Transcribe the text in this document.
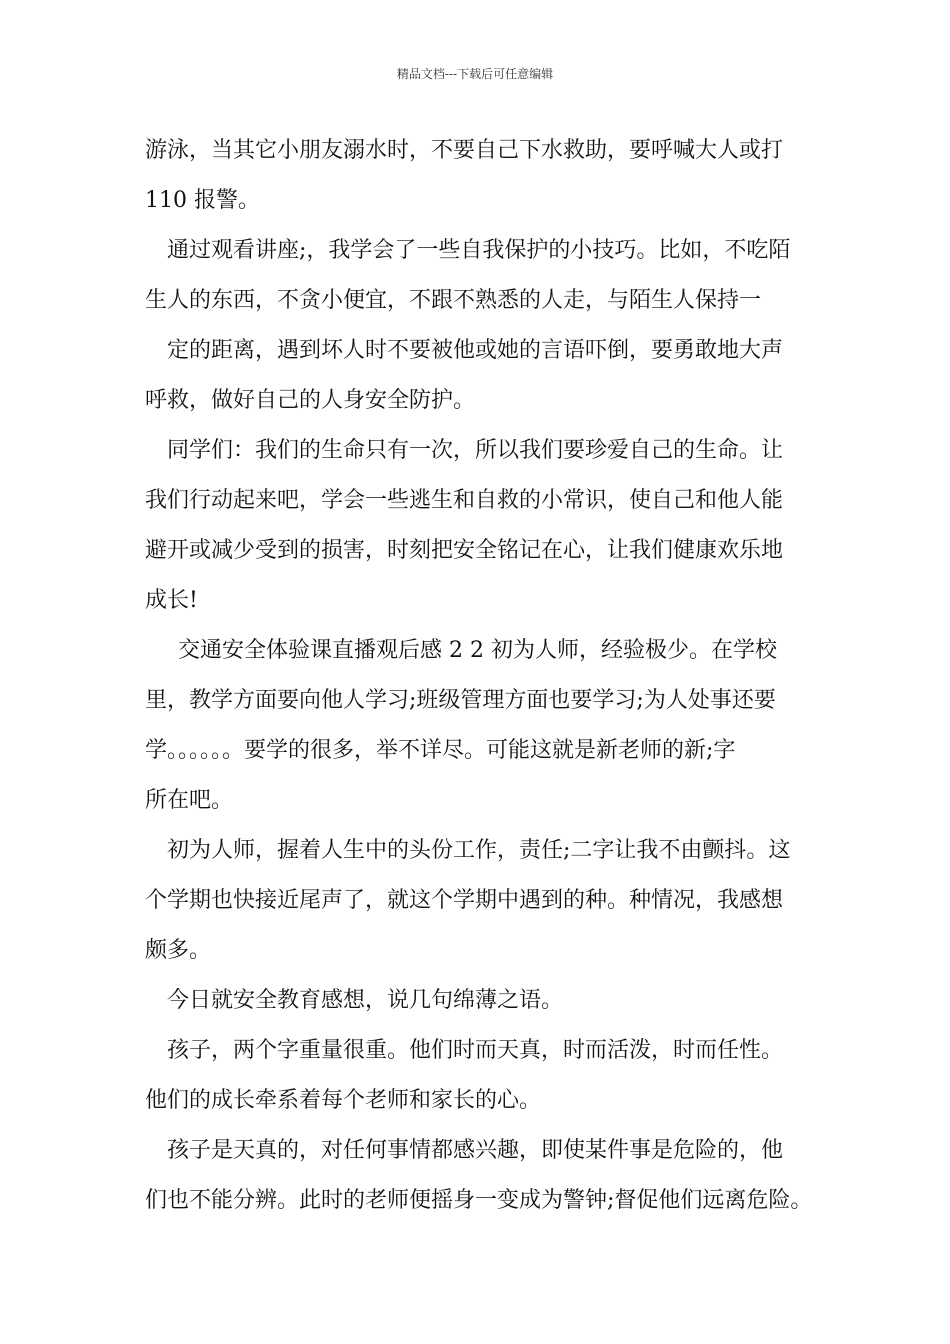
精品文档---下载后可任意编辑
游泳，当其它小朋友溺水时，不要自己下水救助，要呼喊大人或打
110 报警。
通过观看讲座;，我学会了一些自我保护的小技巧。比如，不吃陌
生人的东西，不贪小便宜，不跟不熟悉的人走，与陌生人保持一
定的距离，遇到坏人时不要被他或她的言语吓倒，要勇敢地大声
呼救，做好自己的人身安全防护。
同学们：我们的生命只有一次，所以我们要珍爱自己的生命。让
我们行动起来吧，学会一些逃生和自救的小常识，使自己和他人能
避开或减少受到的损害，时刻把安全铭记在心，让我们健康欢乐地
成长!
交通安全体验课直播观后感 2 2 初为人师，经验极少。在学校
里，教学方面要向他人学习;班级管理方面也要学习;为人处事还要
学。。。。。。要学的很多，举不详尽。可能这就是新老师的新;字
所在吧。
初为人师，握着人生中的头份工作，责任;二字让我不由颤抖。这
个学期也快接近尾声了，就这个学期中遇到的种。种情况，我感想
颇多。
今日就安全教育感想，说几句绵薄之语。
孩子，两个字重量很重。他们时而天真，时而活泼，时而任性。
他们的成长牵系着每个老师和家长的心。
孩子是天真的，对任何事情都感兴趣，即使某件事是危险的，他
们也不能分辨。此时的老师便摇身一变成为警钟;督促他们远离危险。
